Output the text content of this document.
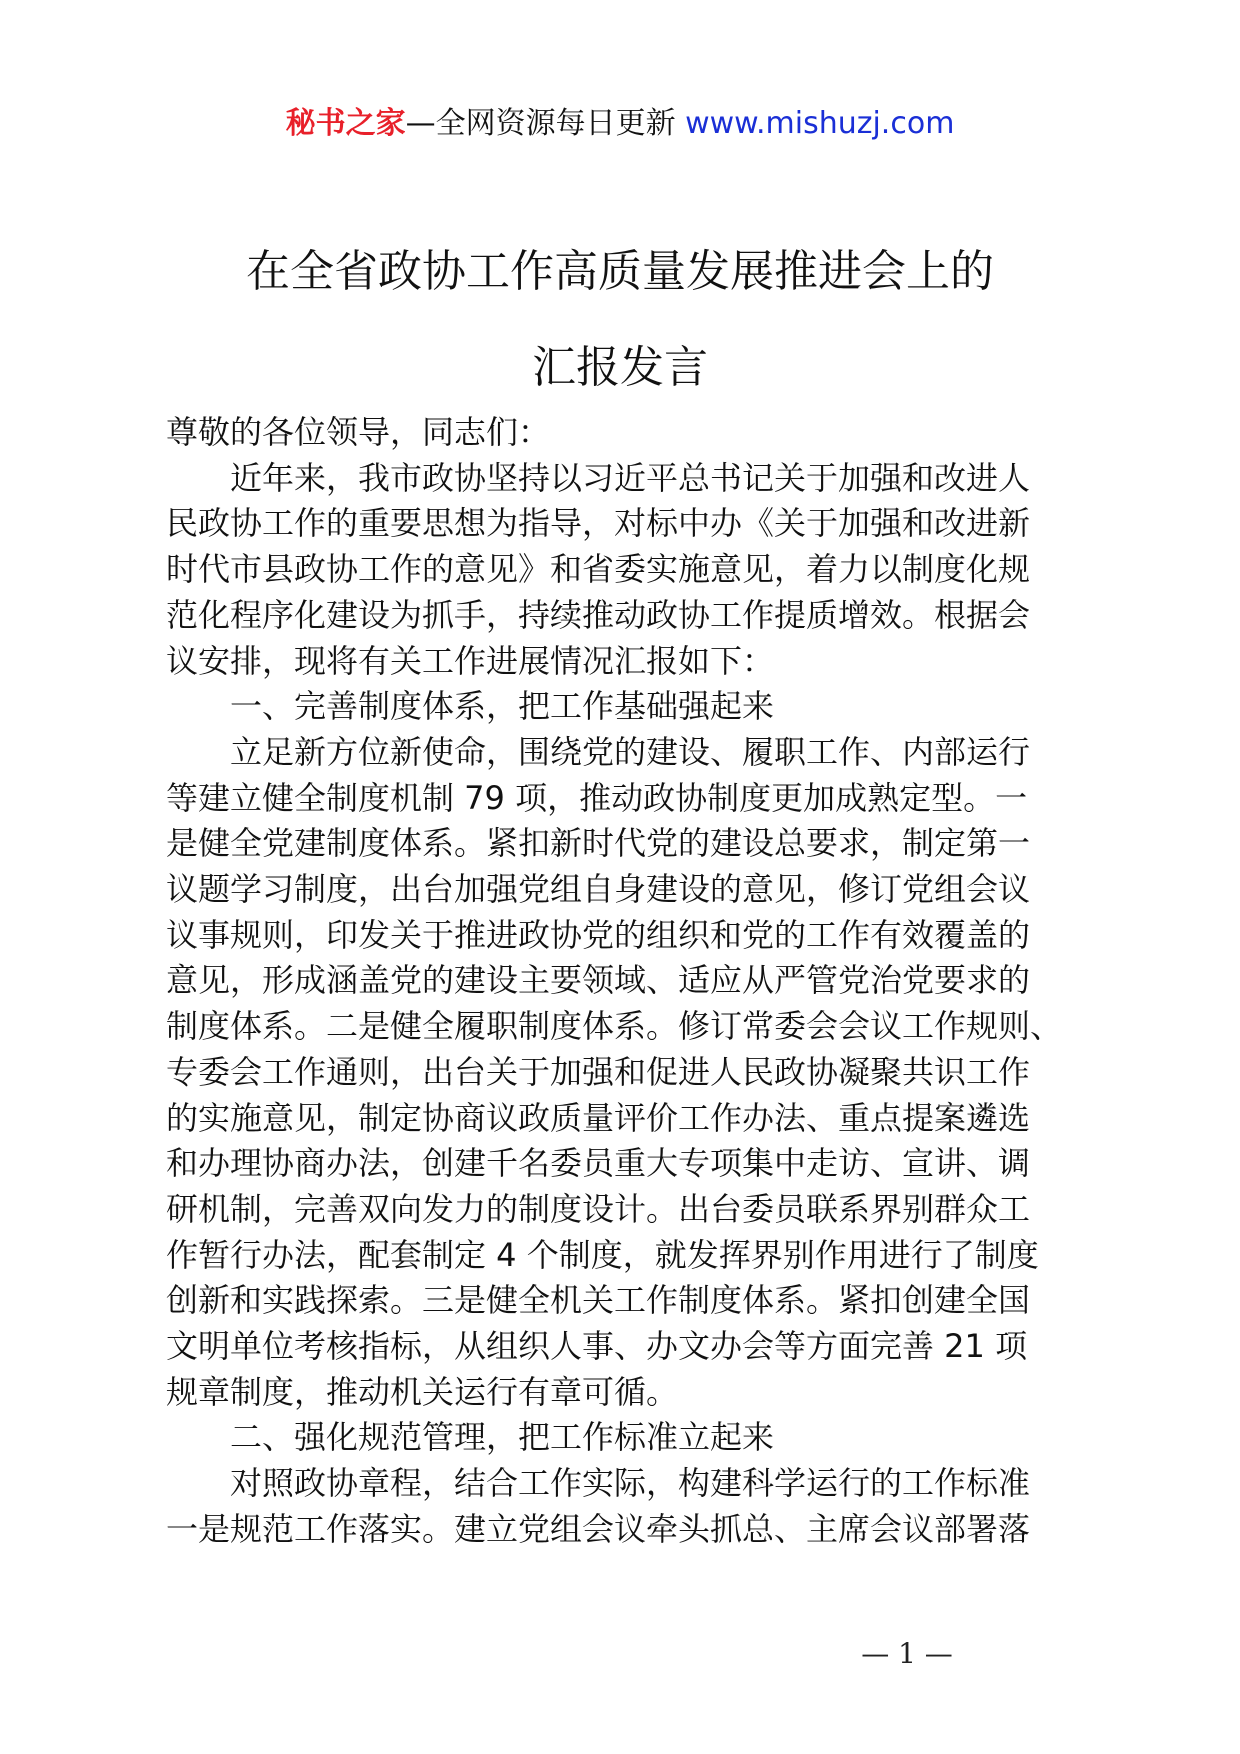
秘书之家—全网资源每日更新 www.mishuzj.com
在全省政协工作高质量发展推进会上的
汇报发言

尊敬的各位领导，同志们：

近年来，我市政协坚持以习近平总书记关于加强和改进人
民政协工作的重要思想为指导，对标中办《关于加强和改进新
时代市县政协工作的意见》和省委实施意见，着力以制度化规
范化程序化建设为抓手，持续推动政协工作提质增效。根据会
议安排，现将有关工作进展情况汇报如下：

一、完善制度体系，把工作基础强起来

立足新方位新使命，围绕党的建设、履职工作、内部运行
等建立健全制度机制 79 项，推动政协制度更加成熟定型。一
是健全党建制度体系。紧扣新时代党的建设总要求，制定第一
议题学习制度，出台加强党组自身建设的意见，修订党组会议
议事规则，印发关于推进政协党的组织和党的工作有效覆盖的
意见，形成涵盖党的建设主要领域、适应从严管党治党要求的
制度体系。二是健全履职制度体系。修订常委会会议工作规则、
专委会工作通则，出台关于加强和促进人民政协凝聚共识工作
的实施意见，制定协商议政质量评价工作办法、重点提案遴选
和办理协商办法，创建千名委员重大专项集中走访、宣讲、调
研机制，完善双向发力的制度设计。出台委员联系界别群众工
作暂行办法，配套制定 4 个制度，就发挥界别作用进行了制度
创新和实践探索。三是健全机关工作制度体系。紧扣创建全国
文明单位考核指标，从组织人事、办文办会等方面完善 21 项
规章制度，推动机关运行有章可循。

二、强化规范管理，把工作标准立起来

对照政协章程，结合工作实际，构建科学运行的工作标准
一是规范工作落实。建立党组会议牵头抓总、主席会议部署落

— 1 —
